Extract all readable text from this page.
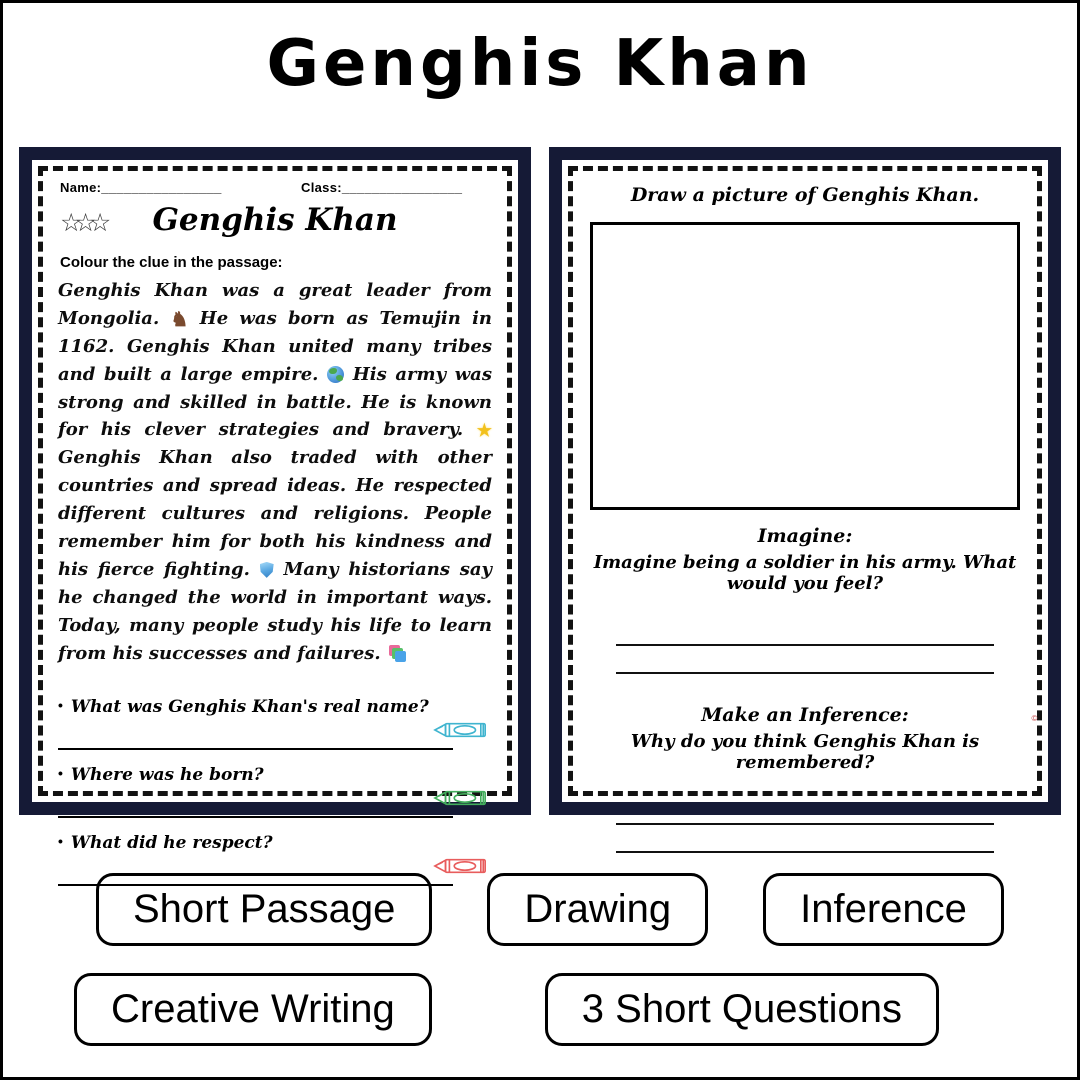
Genghis Khan
Name:________________	Class:________________
☆☆☆	Genghis Khan
Colour the clue in the passage:

Genghis Khan was a great leader from Mongolia. ♞ He was born as Temujin in 1162. Genghis Khan united many tribes and built a large empire.  His army was strong and skilled in battle. He is known for his clever strategies and bravery. ★ Genghis Khan also traded with other countries and spread ideas. He respected different cultures and religions. People remember him for both his kindness and his fierce fighting.  Many historians say he changed the world in important ways. Today, many people study his life to learn from his successes and failures.

• What was Genghis Khan's real name?
• Where was he born?
• What did he respect?
Draw a picture of Genghis Khan.
Imagine:
Imagine being a soldier in his army. What would you feel?
Make an Inference:
Why do you think Genghis Khan is remembered?
©
Short Passage	Drawing	Inference
Creative Writing	3 Short Questions
